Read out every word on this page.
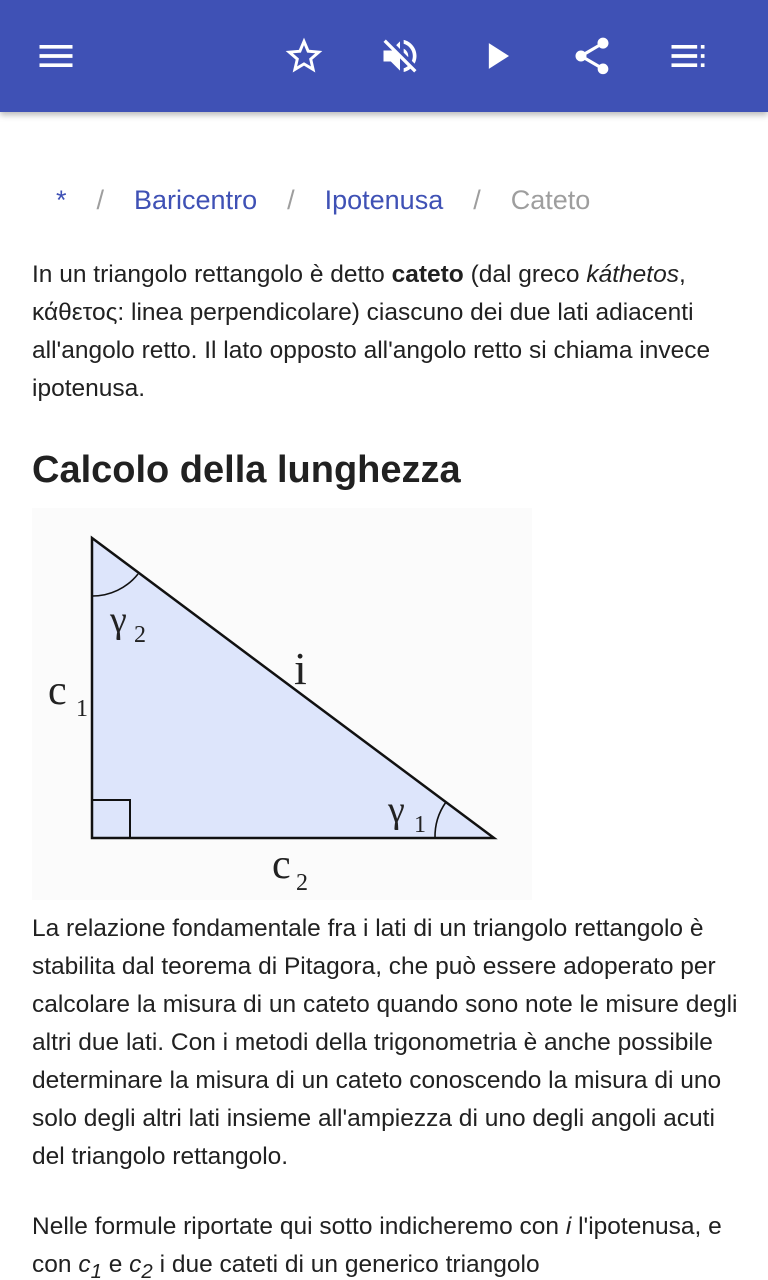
*	/	Baricentro	/	Ipotenusa	/	Cateto

In un triangolo rettangolo è detto cateto (dal greco káthetos, κάθετος: linea perpendicolare) ciascuno dei due lati adiacenti all'angolo retto. Il lato opposto all'angolo retto si chiama invece ipotenusa.

Calcolo della lunghezza
c 1
c 2
i
γ 2
γ 1

La relazione fondamentale fra i lati di un triangolo rettangolo è stabilita dal teorema di Pitagora, che può essere adoperato per calcolare la misura di un cateto quando sono note le misure degli altri due lati. Con i metodi della trigonometria è anche possibile determinare la misura di un cateto conoscendo la misura di uno solo degli altri lati insieme all'ampiezza di uno degli angoli acuti del triangolo rettangolo.

Nelle formule riportate qui sotto indicheremo con i l'ipotenusa, e con $c_1$ e $c_2$ i due cateti di un generico triangolo
